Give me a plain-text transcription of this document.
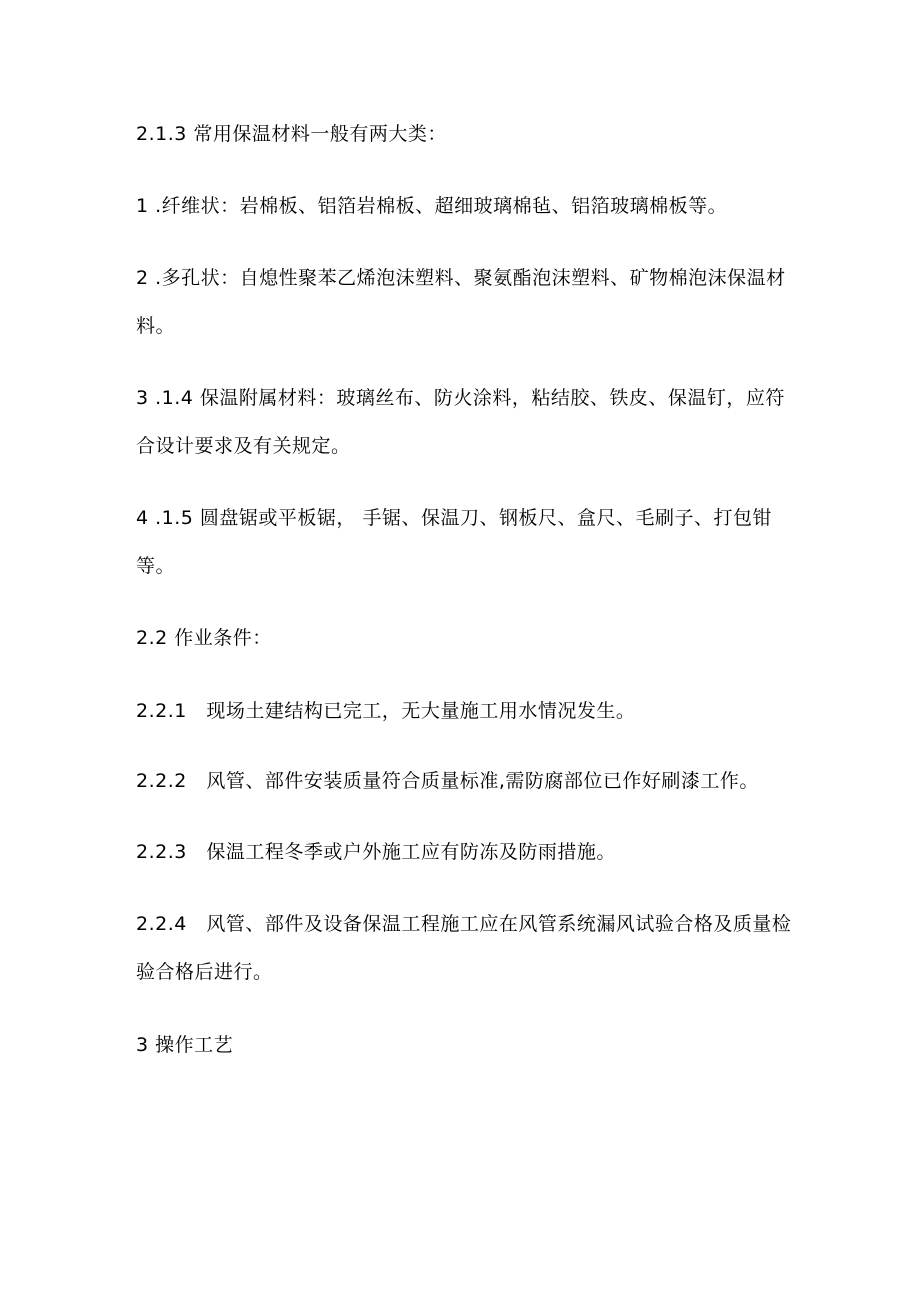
2.1.3 常用保温材料一般有两大类：

1 .纤维状：岩棉板、铝箔岩棉板、超细玻璃棉毡、铝箔玻璃棉板等。

2 .多孔状：自熄性聚苯乙烯泡沫塑料、聚氨酯泡沫塑料、矿物棉泡沫保温材料。

3 .1.4 保温附属材料：玻璃丝布、防火涂料，粘结胶、铁皮、保温钉，应符合设计要求及有关规定。

4 .1.5 圆盘锯或平板锯， 手锯、保温刀、钢板尺、盒尺、毛刷子、打包钳等。

2.2 作业条件：

2.2.1　现场土建结构已完工，无大量施工用水情况发生。

2.2.2　风管、部件安装质量符合质量标准,需防腐部位已作好刷漆工作。

2.2.3　保温工程冬季或户外施工应有防冻及防雨措施。

2.2.4　风管、部件及设备保温工程施工应在风管系统漏风试验合格及质量检验合格后进行。

3 操作工艺
